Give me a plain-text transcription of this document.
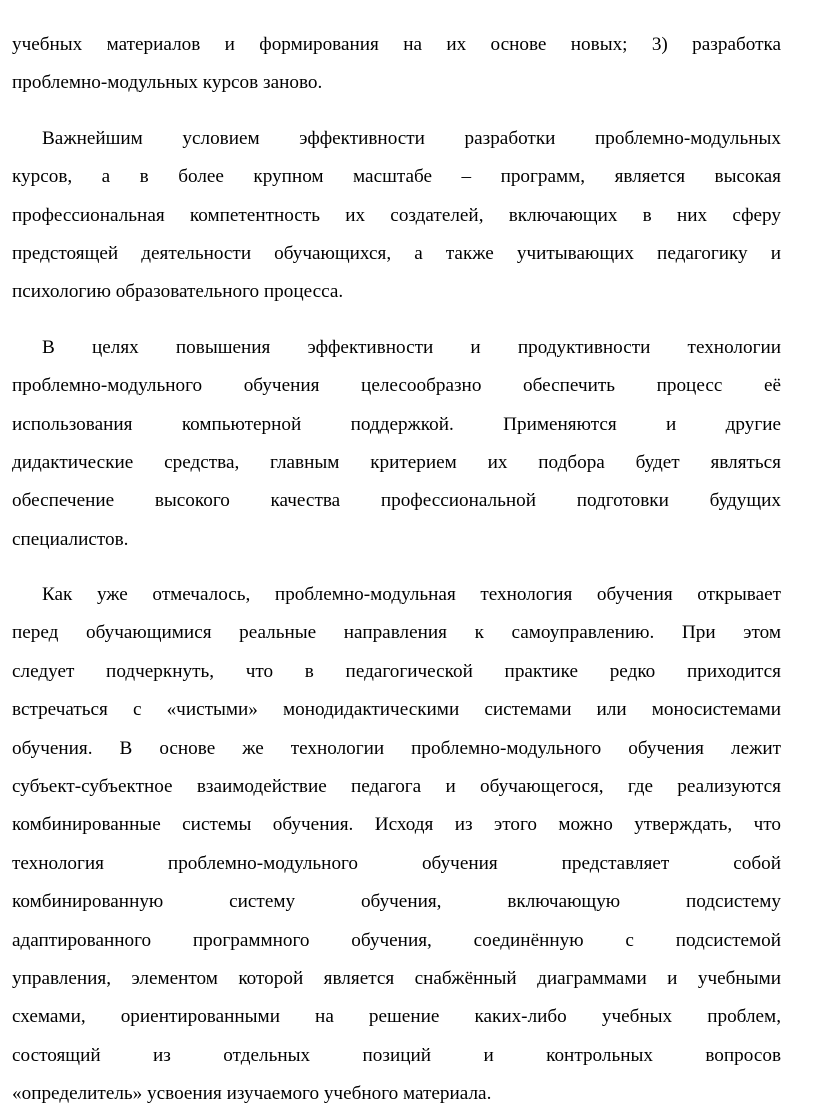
учебных материалов и формирования на их основе новых; 3) разработка
проблемно-модульных курсов заново.
Важнейшим условием эффективности разработки проблемно-модульных
курсов, а в более крупном масштабе – программ, является высокая
профессиональная компетентность их создателей, включающих в них сферу
предстоящей деятельности обучающихся, а также учитывающих педагогику и
психологию образовательного процесса.
В целях повышения эффективности и продуктивности технологии
проблемно-модульного обучения целесообразно обеспечить процесс её
использования компьютерной поддержкой. Применяются и другие
дидактические средства, главным критерием их подбора будет являться
обеспечение высокого качества профессиональной подготовки будущих
специалистов.
Как уже отмечалось, проблемно-модульная технология обучения открывает
перед обучающимися реальные направления к самоуправлению. При этом
следует подчеркнуть, что в педагогической практике редко приходится
встречаться с «чистыми» монодидактическими системами или моносистемами
обучения. В основе же технологии проблемно-модульного обучения лежит
субъект-субъектное взаимодействие педагога и обучающегося, где реализуются
комбинированные системы обучения. Исходя из этого можно утверждать, что
технология проблемно-модульного обучения представляет собой
комбинированную систему обучения, включающую подсистему
адаптированного программного обучения, соединённую с подсистемой
управления, элементом которой является снабжённый диаграммами и учебными
схемами, ориентированными на решение каких-либо учебных проблем,
состоящий из отдельных позиций и контрольных вопросов
«определитель» усвоения изучаемого учебного материала.
